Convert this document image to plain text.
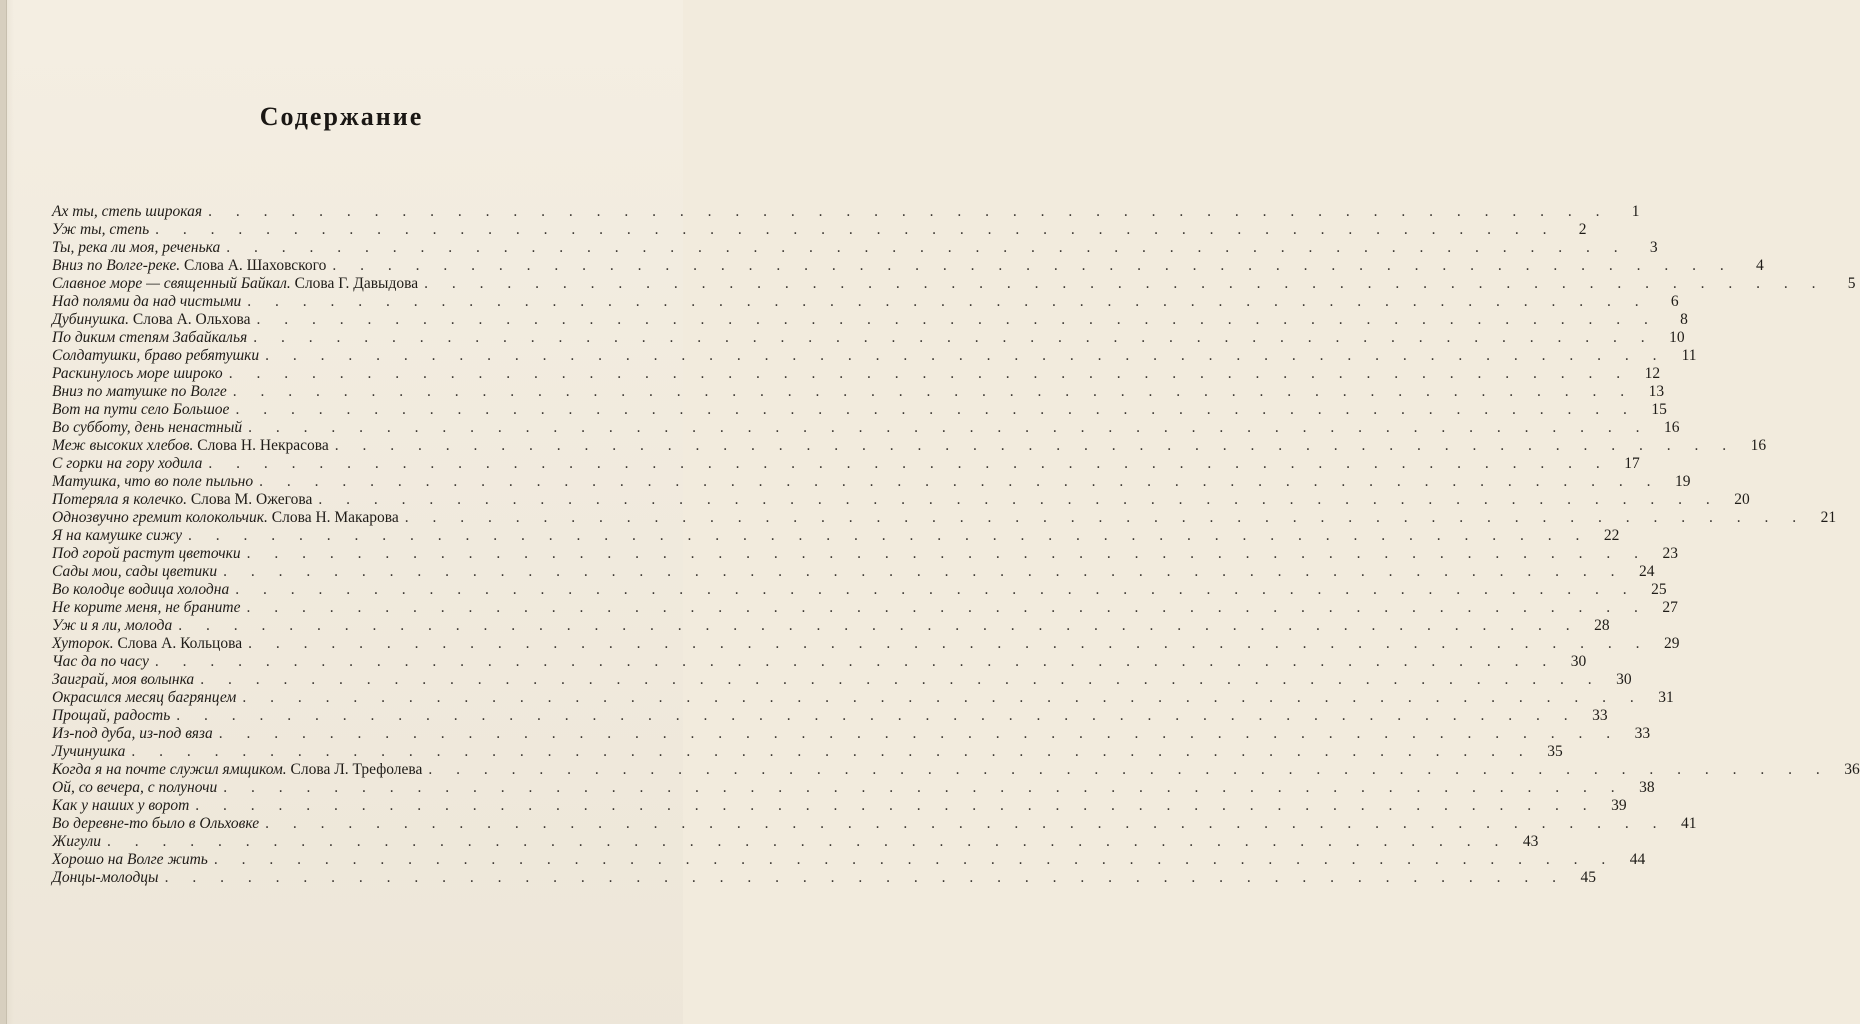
Содержание
Ах ты, степь широкая . . . . . . . . . . . . . . . . . . . . . . . . . . . . . . . . . . . . . . . . . . . . . . . . . . .	1
Уж ты, степь . . . . . . . . . . . . . . . . . . . . . . . . . . . . . . . . . . . . . . . . . . . . . . . . . . .	2
Ты, река ли моя, реченька . . . . . . . . . . . . . . . . . . . . . . . . . . . . . . . . . . . . . . . . . . . . . . . . . . .	3
Вниз по Волге-реке. Слова А. Шаховского . . . . . . . . . . . . . . . . . . . . . . . . . . . . . . . . . . . . . . . . . . . . . . . . . . .	4
Славное море — священный Байкал. Слова Г. Давыдова . . . . . . . . . . . . . . . . . . . . . . . . . . . . . . . . . . . . . . . . . . . . . . . . . . .	5
Над полями да над чистыми . . . . . . . . . . . . . . . . . . . . . . . . . . . . . . . . . . . . . . . . . . . . . . . . . . .	6
Дубинушка. Слова А. Ольхова . . . . . . . . . . . . . . . . . . . . . . . . . . . . . . . . . . . . . . . . . . . . . . . . . . .	8
По диким степям Забайкалья . . . . . . . . . . . . . . . . . . . . . . . . . . . . . . . . . . . . . . . . . . . . . . . . . . . 10
Солдатушки, браво ребятушки . . . . . . . . . . . . . . . . . . . . . . . . . . . . . . . . . . . . . . . . . . . . . . . . . . . 11
Раскинулось море широко . . . . . . . . . . . . . . . . . . . . . . . . . . . . . . . . . . . . . . . . . . . . . . . . . . . 12
Вниз по матушке по Волге . . . . . . . . . . . . . . . . . . . . . . . . . . . . . . . . . . . . . . . . . . . . . . . . . . . 13
Вот на пути село Большое . . . . . . . . . . . . . . . . . . . . . . . . . . . . . . . . . . . . . . . . . . . . . . . . . . . 15
Во субботу, день ненастный . . . . . . . . . . . . . . . . . . . . . . . . . . . . . . . . . . . . . . . . . . . . . . . . . . . 16
Меж высоких хлебов. Слова Н. Некрасова . . . . . . . . . . . . . . . . . . . . . . . . . . . . . . . . . . . . . . . . . . . . . . . . . . . 16
С горки на гору ходила . . . . . . . . . . . . . . . . . . . . . . . . . . . . . . . . . . . . . . . . . . . . . . . . . . . 17
Матушка, что во поле пыльно . . . . . . . . . . . . . . . . . . . . . . . . . . . . . . . . . . . . . . . . . . . . . . . . . . . 19
Потеряла я колечко. Слова М. Ожегова . . . . . . . . . . . . . . . . . . . . . . . . . . . . . . . . . . . . . . . . . . . . . . . . . . . 20
Однозвучно гремит колокольчик. Слова Н. Макарова . . . . . . . . . . . . . . . . . . . . . . . . . . . . . . . . . . . . . . . . . . . . . . . . . . . 21
Я на камушке сижу . . . . . . . . . . . . . . . . . . . . . . . . . . . . . . . . . . . . . . . . . . . . . . . . . . . 22
Под горой растут цветочки . . . . . . . . . . . . . . . . . . . . . . . . . . . . . . . . . . . . . . . . . . . . . . . . . . . 23
Сады мои, сады цветики . . . . . . . . . . . . . . . . . . . . . . . . . . . . . . . . . . . . . . . . . . . . . . . . . . . 24
Во колодце водица холодна . . . . . . . . . . . . . . . . . . . . . . . . . . . . . . . . . . . . . . . . . . . . . . . . . . . 25
Не корите меня, не браните . . . . . . . . . . . . . . . . . . . . . . . . . . . . . . . . . . . . . . . . . . . . . . . . . . . 27
Уж и я ли, молода . . . . . . . . . . . . . . . . . . . . . . . . . . . . . . . . . . . . . . . . . . . . . . . . . . . 28
Хуторок. Слова А. Кольцова . . . . . . . . . . . . . . . . . . . . . . . . . . . . . . . . . . . . . . . . . . . . . . . . . . . 29
Час да по часу . . . . . . . . . . . . . . . . . . . . . . . . . . . . . . . . . . . . . . . . . . . . . . . . . . . 30
Заиграй, моя волынка . . . . . . . . . . . . . . . . . . . . . . . . . . . . . . . . . . . . . . . . . . . . . . . . . . . 30
Окрасился месяц багрянцем . . . . . . . . . . . . . . . . . . . . . . . . . . . . . . . . . . . . . . . . . . . . . . . . . . . 31
Прощай, радость . . . . . . . . . . . . . . . . . . . . . . . . . . . . . . . . . . . . . . . . . . . . . . . . . . . 33
Из-под дуба, из-под вяза . . . . . . . . . . . . . . . . . . . . . . . . . . . . . . . . . . . . . . . . . . . . . . . . . . . 33
Лучинушка . . . . . . . . . . . . . . . . . . . . . . . . . . . . . . . . . . . . . . . . . . . . . . . . . . . 35
Когда я на почте служил ямщиком. Слова Л. Трефолева . . . . . . . . . . . . . . . . . . . . . . . . . . . . . . . . . . . . . . . . . . . . . . . . . . . 36
Ой, со вечера, с полуночи . . . . . . . . . . . . . . . . . . . . . . . . . . . . . . . . . . . . . . . . . . . . . . . . . . . 38
Как у наших у ворот . . . . . . . . . . . . . . . . . . . . . . . . . . . . . . . . . . . . . . . . . . . . . . . . . . . 39
Во деревне-то было в Ольховке . . . . . . . . . . . . . . . . . . . . . . . . . . . . . . . . . . . . . . . . . . . . . . . . . . . 41
Жигули . . . . . . . . . . . . . . . . . . . . . . . . . . . . . . . . . . . . . . . . . . . . . . . . . . . 43
Хорошо на Волге жить . . . . . . . . . . . . . . . . . . . . . . . . . . . . . . . . . . . . . . . . . . . . . . . . . . . 44
Донцы-молодцы . . . . . . . . . . . . . . . . . . . . . . . . . . . . . . . . . . . . . . . . . . . . . . . . . . . 45
